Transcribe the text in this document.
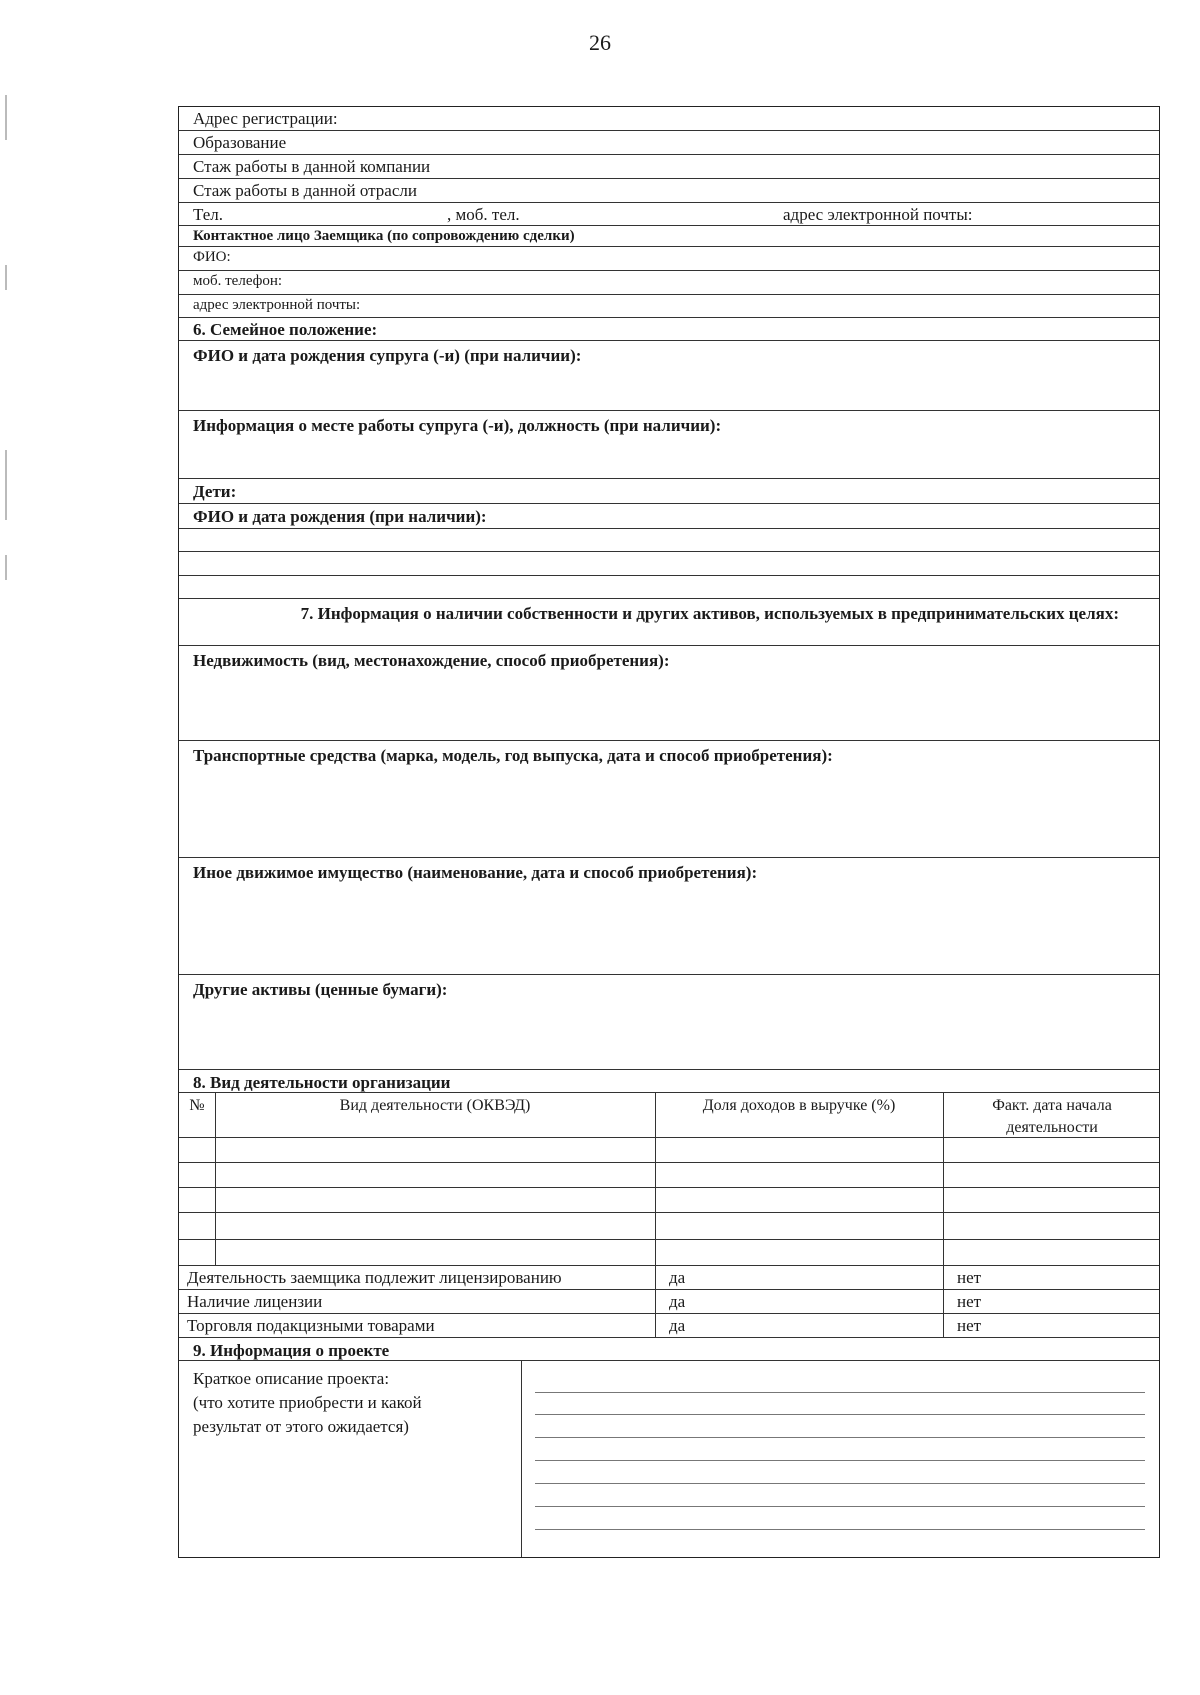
26
Адрес регистрации:
Образование
Стаж работы в данной компании
Стаж работы в данной отрасли
Тел.	, моб. тел.	адрес электронной почты:
Контактное лицо Заемщика (по сопровождению сделки)
ФИО:
моб. телефон:
адрес электронной почты:
6. Семейное положение:
ФИО и дата рождения супруга (-и) (при наличии):
Информация о месте работы супруга (-и), должность (при наличии):
Дети:
ФИО и дата рождения (при наличии):
7. Информация о наличии собственности и других активов, используемых в предпринимательских целях:
Недвижимость (вид, местонахождение, способ приобретения):
Транспортные средства (марка, модель, год выпуска, дата и способ приобретения):
Иное движимое имущество (наименование, дата и способ приобретения):
Другие активы (ценные бумаги):
8. Вид деятельности организации
№	Вид деятельности (ОКВЭД)	Доля доходов в выручке (%)	Факт. дата начала
деятельности
Деятельность заемщика подлежит лицензированию	да	нет
Наличие лицензии	да	нет
Торговля подакцизными товарами	да	нет
9. Информация о проекте
Краткое описание проекта:
(что хотите приобрести и какой
результат от этого ожидается)
